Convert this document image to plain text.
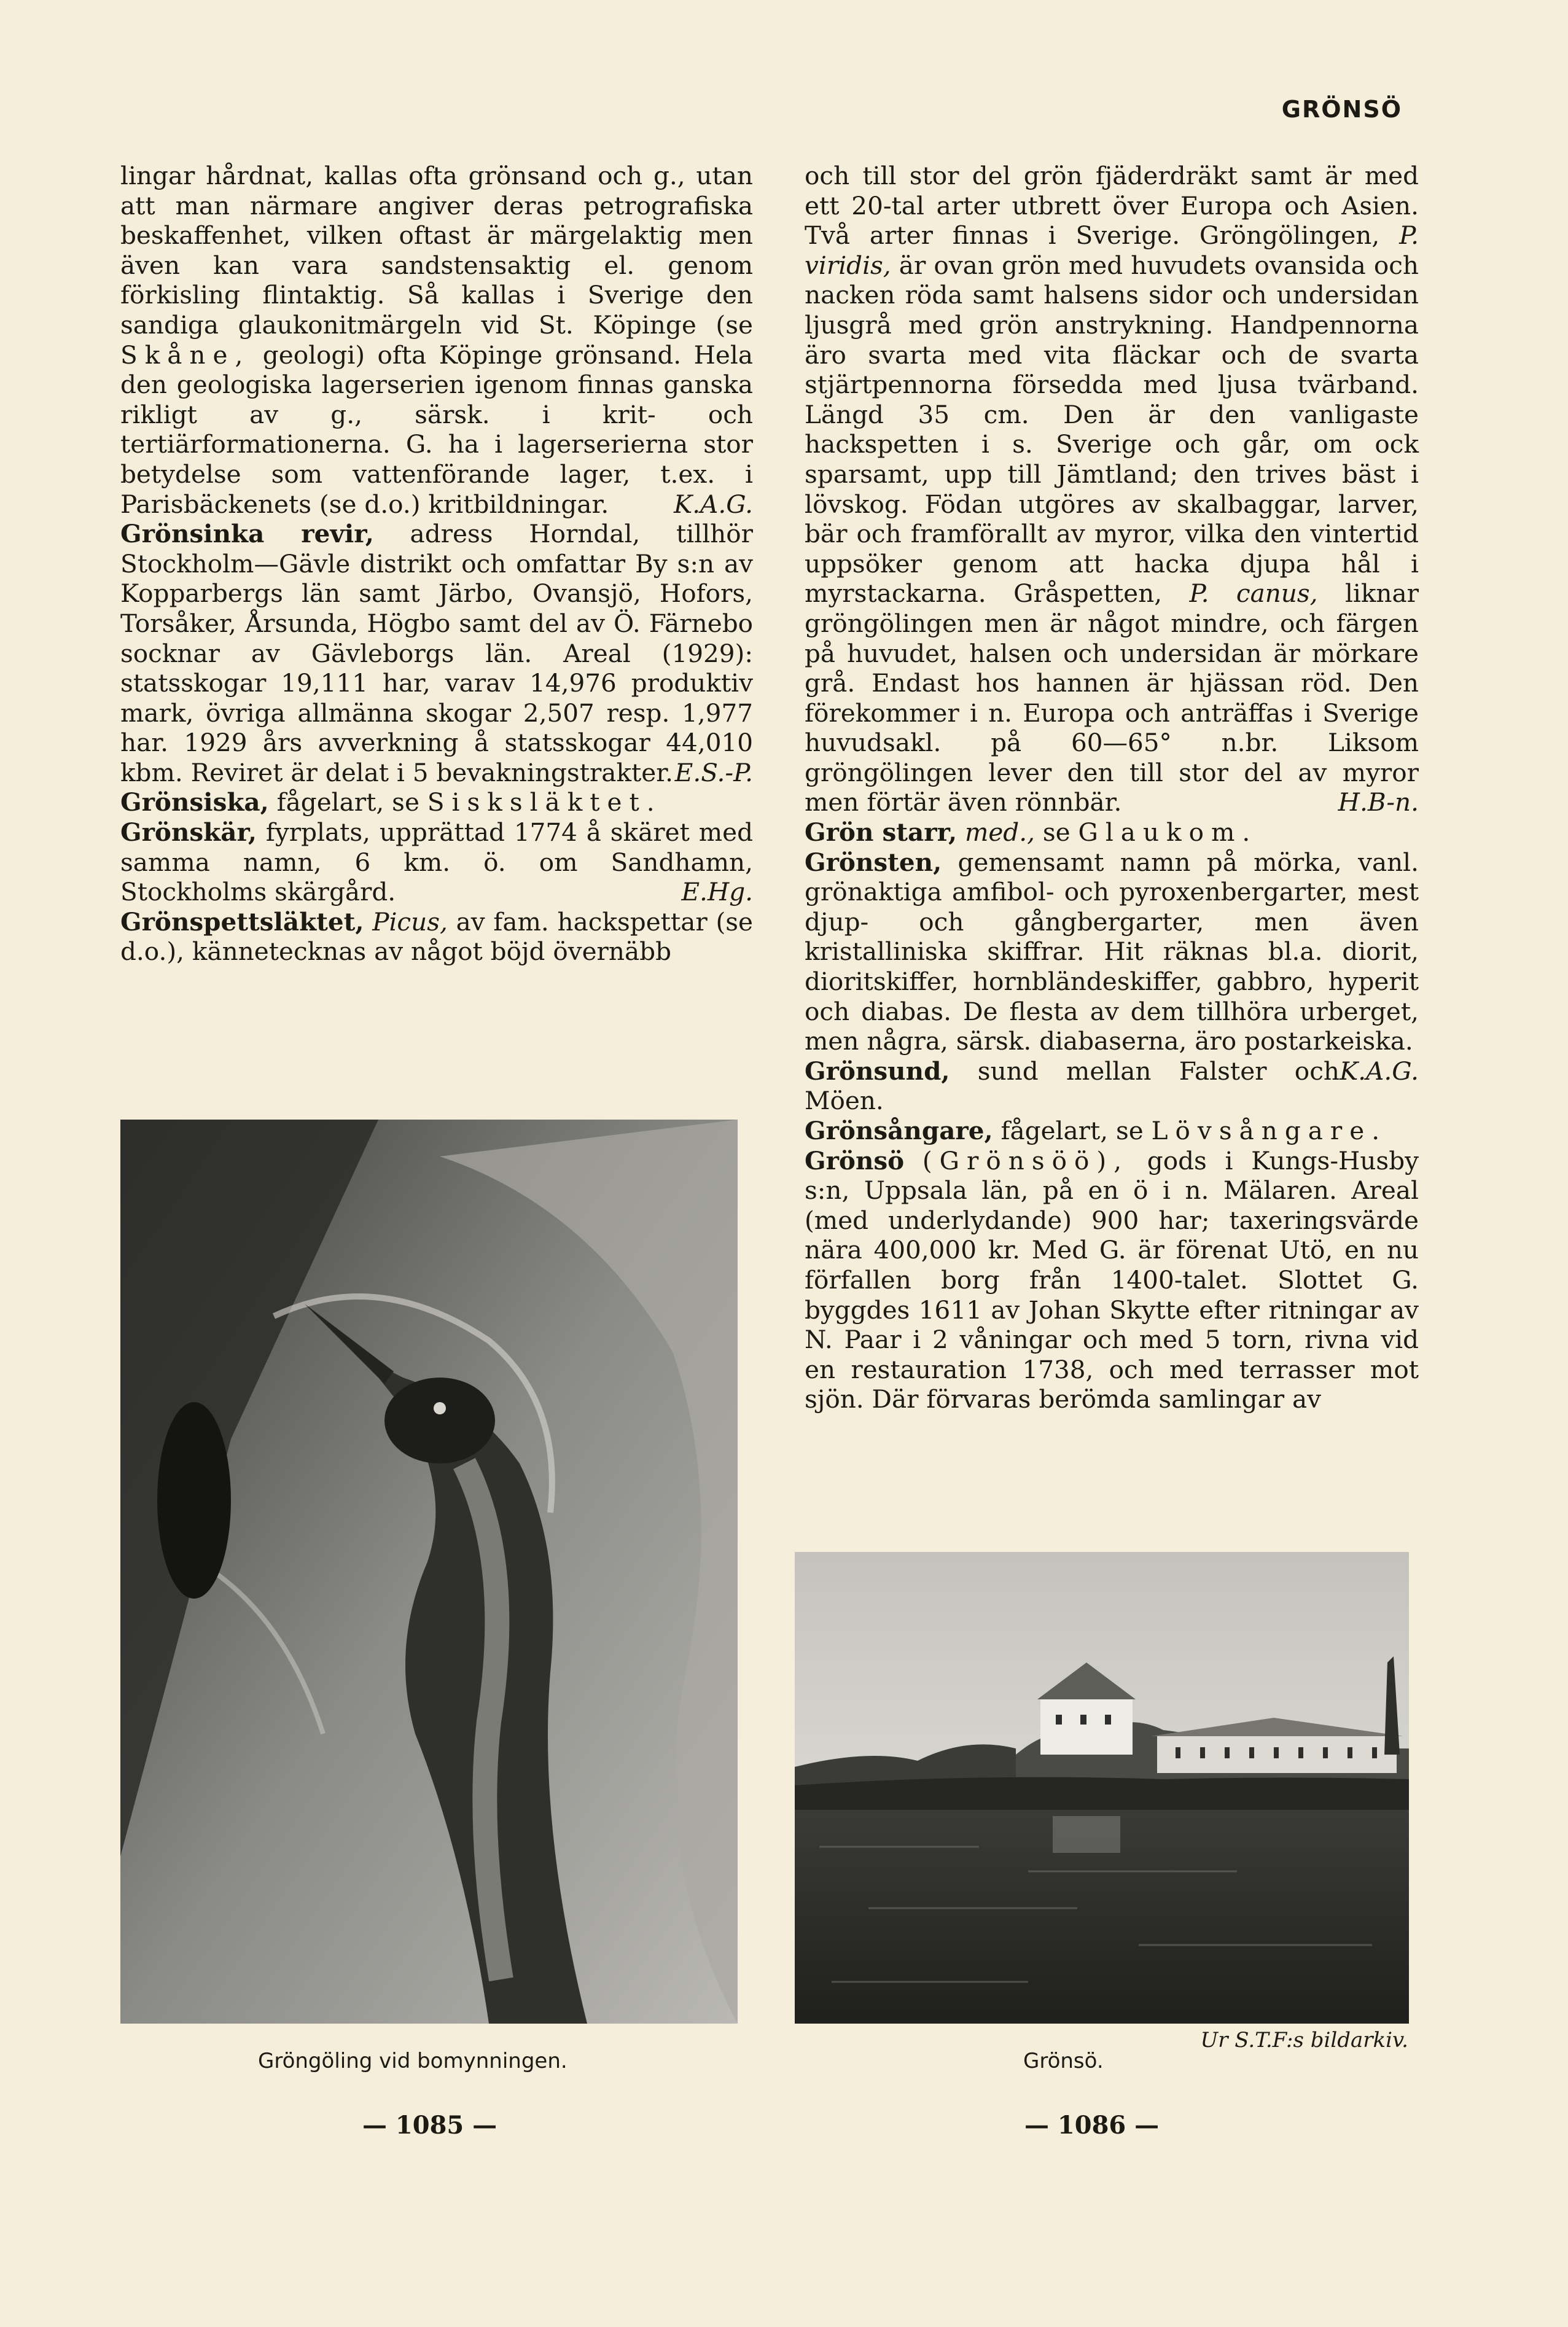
GRÖNSÖ

lingar hårdnat, kallas ofta grönsand och g., utan att man närmare angiver deras petrografiska beskaffenhet, vilken oftast är märgelaktig men även kan vara sandstensaktig el. genom förkisling flintaktig. Så kallas i Sverige den sandiga glaukonitmärgeln vid St. Köpinge (se Skåne, geologi) ofta Köpinge grönsand. Hela den geologiska lagerserien igenom finnas ganska rikligt av g., särsk. i krit- och tertiärformationerna. G. ha i lagerserierna stor betydelse som vattenförande lager, t.ex. i Parisbäckenets (se d.o.) kritbildningar.	K.A.G.

Grönsinka revir, adress Horndal, tillhör Stockholm—Gävle distrikt och omfattar By s:n av Kopparbergs län samt Järbo, Ovansjö, Hofors, Torsåker, Årsunda, Högbo samt del av Ö. Färnebo socknar av Gävleborgs län. Areal (1929): statsskogar 19,111 har, varav 14,976 produktiv mark, övriga allmänna skogar 2,507 resp. 1,977 har. 1929 års avverkning å statsskogar 44,010 kbm. Reviret är delat i 5 bevakningstrakter. E.S.-P.

Grönsiska, fågelart, se Sisksläktet.

Grönskär, fyrplats, upprättad 1774 å skäret med samma namn, 6 km. ö. om Sandhamn, Stockholms skärgård.	E.Hg.

Grönspettsläktet, Picus, av fam. hackspettar (se d.o.), kännetecknas av något böjd övernäbb

och till stor del grön fjäderdräkt samt är med ett 20-tal arter utbrett över Europa och Asien. Två arter finnas i Sverige. Gröngölingen, P. viridis, är ovan grön med huvudets ovansida och nacken röda samt halsens sidor och undersidan ljusgrå med grön anstrykning. Handpennorna äro svarta med vita fläckar och de svarta stjärtpennorna försedda med ljusa tvärband. Längd 35 cm. Den är den vanligaste hackspetten i s. Sverige och går, om ock sparsamt, upp till Jämtland; den trives bäst i lövskog. Födan utgöres av skalbaggar, larver, bär och framförallt av myror, vilka den vintertid uppsöker genom att hacka djupa hål i myrstackarna. Gråspetten, P. canus, liknar gröngölingen men är något mindre, och färgen på huvudet, halsen och undersidan är mörkare grå. Endast hos hannen är hjässan röd. Den förekommer i n. Europa och anträffas i Sverige huvudsakl. på 60—65° n.br. Liksom gröngölingen lever den till stor del av myror men förtär även rönnbär.	H.B-n.

Grön starr, med., se Glaukom.

Grönsten, gemensamt namn på mörka, vanl. grönaktiga amfibol- och pyroxenbergarter, mest djup- och gångbergarter, men även kristalliniska skiffrar. Hit räknas bl.a. diorit, dioritskiffer, hornbländeskiffer, gabbro, hyperit och diabas. De flesta av dem tillhöra urberget, men några, särsk. diabaserna, äro postarkeiska.
K.A.G.

Grönsund, sund mellan Falster och Möen.

Grönsångare, fågelart, se Lövsångare.

Grönsö (Grönsöö), gods i Kungs-Husby s:n, Uppsala län, på en ö i n. Mälaren. Areal (med underlydande) 900 har; taxeringsvärde nära 400,000 kr. Med G. är förenat Utö, en nu förfallen borg från 1400-talet. Slottet G. byggdes 1611 av Johan Skytte efter ritningar av N. Paar i 2 våningar och med 5 torn, rivna vid en restauration 1738, och med terrasser mot sjön. Där förvaras berömda samlingar av

Gröngöling vid bomynningen.	Grönsö.
Ur S.T.F:s bildarkiv.
— 1085 —	— 1086 —
